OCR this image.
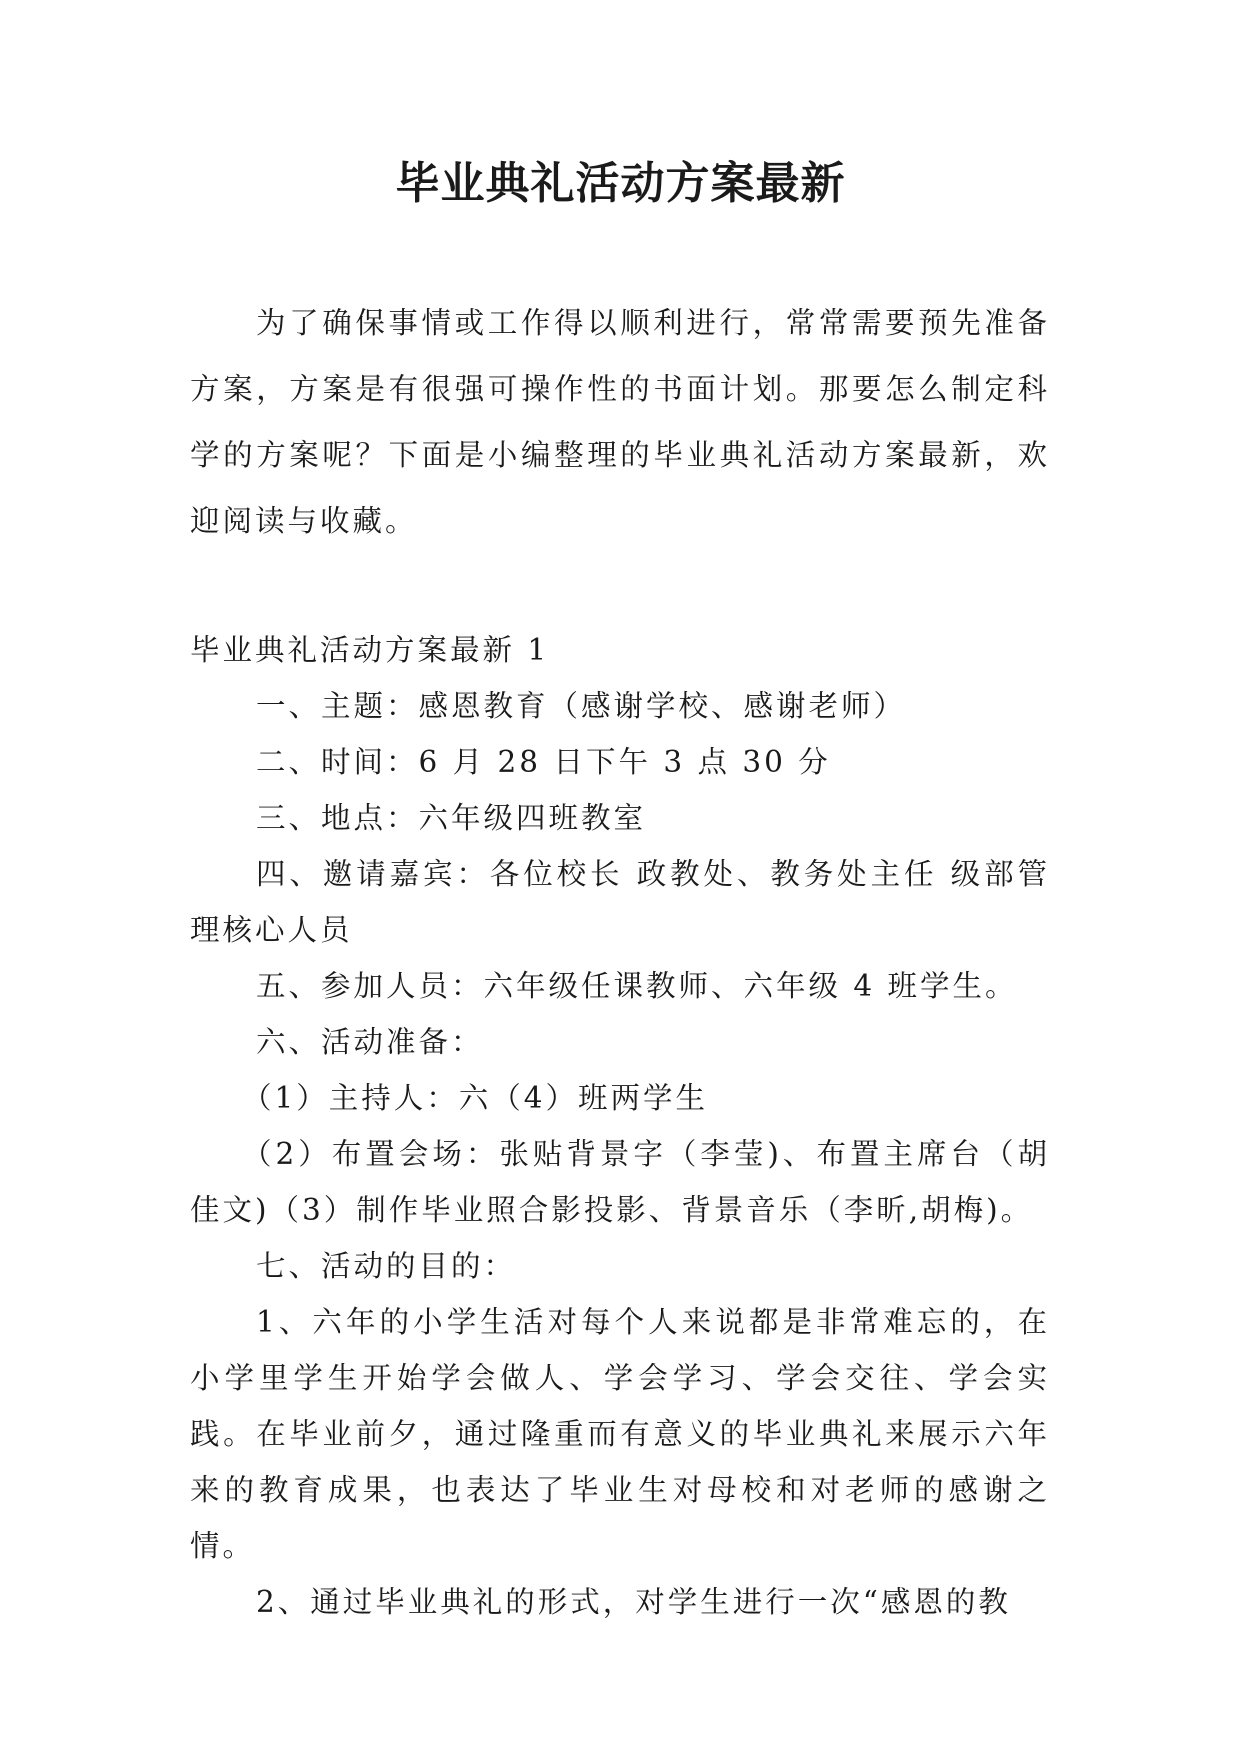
毕业典礼活动方案最新

为了确保事情或工作得以顺利进行，常常需要预先准备方案，方案是有很强可操作性的书面计划。那要怎么制定科学的方案呢？下面是小编整理的毕业典礼活动方案最新，欢迎阅读与收藏。

毕业典礼活动方案最新 1

一、主题：感恩教育（感谢学校、感谢老师）

二、时间：6 月 28 日下午 3 点 30 分

三、地点：六年级四班教室

四、邀请嘉宾：各位校长 政教处、教务处主任 级部管理核心人员

五、参加人员：六年级任课教师、六年级 4 班学生。

六、活动准备：

（1）主持人：六（4）班两学生

（2）布置会场：张贴背景字（李莹)、布置主席台（胡佳文)（3）制作毕业照合影投影、背景音乐（李昕,胡梅)。

七、活动的目的：

1、六年的小学生活对每个人来说都是非常难忘的，在小学里学生开始学会做人、学会学习、学会交往、学会实践。在毕业前夕，通过隆重而有意义的毕业典礼来展示六年来的教育成果，也表达了毕业生对母校和对老师的感谢之情。

2、通过毕业典礼的形式，对学生进行一次“感恩的教
